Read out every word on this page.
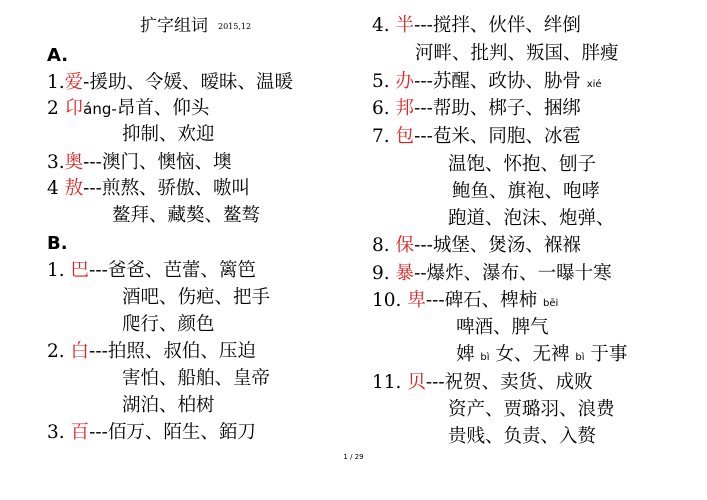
扩字组词 2015,12
A.
1.爱-援助、令媛、暧昧、温暖
2 卬áng-昂首、仰头
抑制、欢迎
3.奥---澳门、懊恼、墺
4 敖---煎熬、骄傲、嗷叫
鳌拜、藏獒、鳌骜
B.
1. 巴---爸爸、芭蕾、篱笆
酒吧、伤疤、把手
爬行、颜色
2. 白---拍照、叔伯、压迫
害怕、船舶、皇帝
湖泊、柏树
3. 百---佰万、陌生、銆刀
4. 半---搅拌、伙伴、绊倒
河畔、批判、叛国、胖瘦
5. 办---苏醒、政协、胁骨 xié
6. 邦---帮助、梆子、捆绑
7. 包---苞米、同胞、冰雹
温饱、怀抱、刨子
鲍鱼、旗袍、咆哮
跑道、泡沫、炮弹、
8. 保---城堡、煲汤、褓褓
9. 暴--爆炸、瀑布、一曝十寒
10. 卑---碑石、椑柿 bēi
啤酒、脾气
婢 bì 女、无裨 bì 于事
11. 贝---祝贺、卖货、成败
资产、贾璐羽、浪费
贵贱、负责、入赘
1 / 29
